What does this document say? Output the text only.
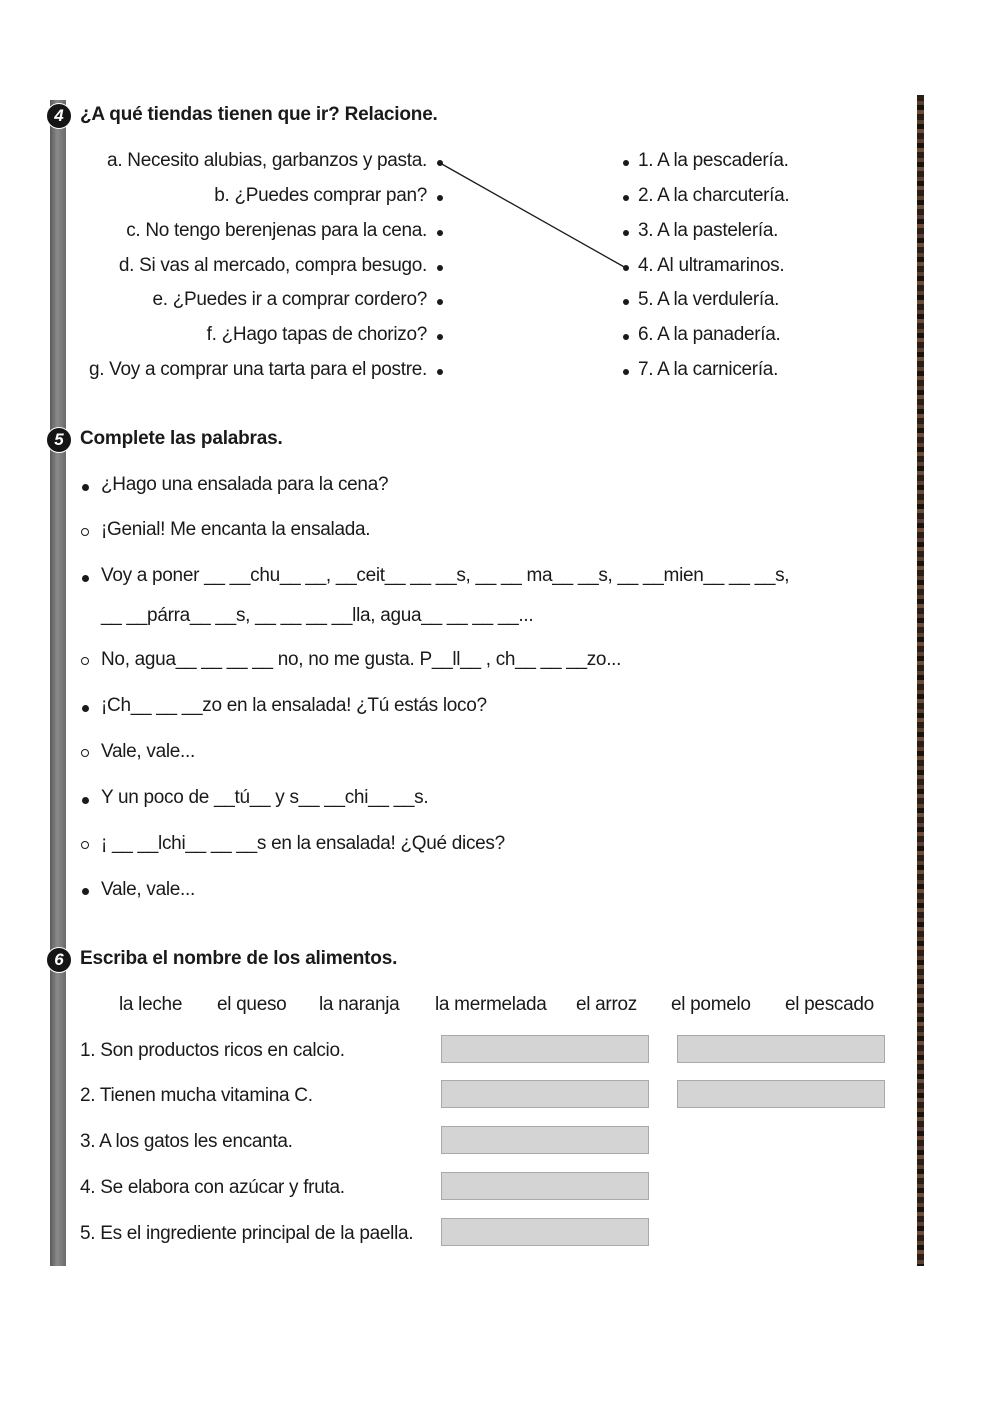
4 ¿A qué tiendas tienen que ir? Relacione.
a. Necesito alubias, garbanzos y pasta.
b. ¿Puedes comprar pan?
c. No tengo berenjenas para la cena.
d. Si vas al mercado, compra besugo.
e. ¿Puedes ir a comprar cordero?
f. ¿Hago tapas de chorizo?
g. Voy a comprar una tarta para el postre.
1. A la pescadería.
2. A la charcutería.
3. A la pastelería.
4. Al ultramarinos.
5. A la verdulería.
6. A la panadería.
7. A la carnicería.
5 Complete las palabras.
¿Hago una ensalada para la cena?
¡Genial! Me encanta la ensalada.
Voy a poner __ __chu__ __, __ceit__ __ __s, __ __ ma__ __s, __ __mien__ __ __s,
__ __párra__ __s, __ __ __ __lla, agua__ __ __ __...
No, agua__ __ __ __ no, no me gusta. P__ll__ , ch__ __ __zo...
¡Ch__ __ __zo en la ensalada! ¿Tú estás loco?
Vale, vale...
Y un poco de __tú__ y s__ __chi__ __s.
¡ __ __lchi__ __ __s en la ensalada! ¿Qué dices?
Vale, vale...
6 Escriba el nombre de los alimentos.
la leche el queso la naranja la mermelada el arroz el pomelo el pescado
1. Son productos ricos en calcio.
2. Tienen mucha vitamina C.
3. A los gatos les encanta.
4. Se elabora con azúcar y fruta.
5. Es el ingrediente principal de la paella.
